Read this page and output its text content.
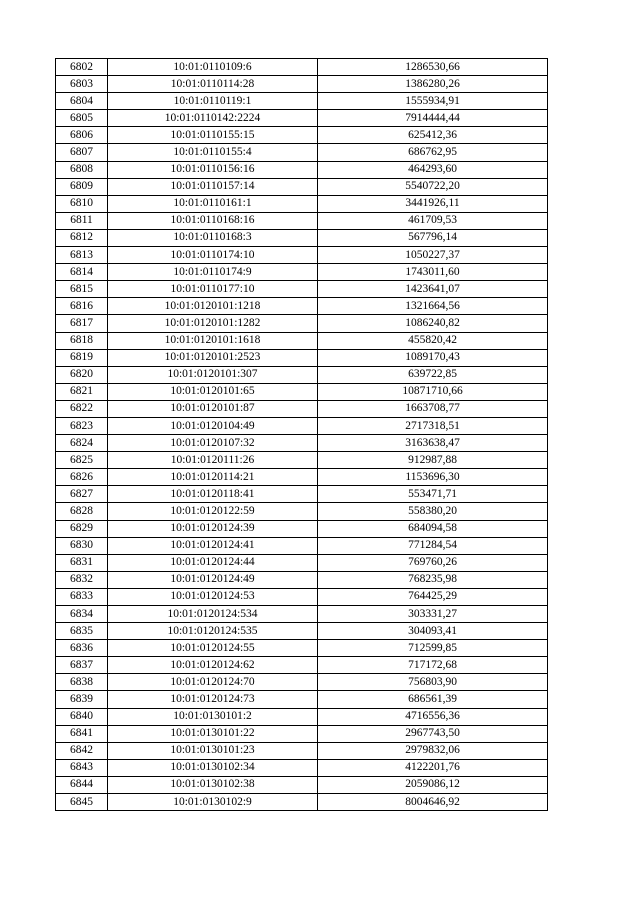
6802	10:01:0110109:6	1286530,66
6803	10:01:0110114:28	1386280,26
6804	10:01:0110119:1	1555934,91
6805	10:01:0110142:2224	7914444,44
6806	10:01:0110155:15	625412,36
6807	10:01:0110155:4	686762,95
6808	10:01:0110156:16	464293,60
6809	10:01:0110157:14	5540722,20
6810	10:01:0110161:1	3441926,11
6811	10:01:0110168:16	461709,53
6812	10:01:0110168:3	567796,14
6813	10:01:0110174:10	1050227,37
6814	10:01:0110174:9	1743011,60
6815	10:01:0110177:10	1423641,07
6816	10:01:0120101:1218	1321664,56
6817	10:01:0120101:1282	1086240,82
6818	10:01:0120101:1618	455820,42
6819	10:01:0120101:2523	1089170,43
6820	10:01:0120101:307	639722,85
6821	10:01:0120101:65	10871710,66
6822	10:01:0120101:87	1663708,77
6823	10:01:0120104:49	2717318,51
6824	10:01:0120107:32	3163638,47
6825	10:01:0120111:26	912987,88
6826	10:01:0120114:21	1153696,30
6827	10:01:0120118:41	553471,71
6828	10:01:0120122:59	558380,20
6829	10:01:0120124:39	684094,58
6830	10:01:0120124:41	771284,54
6831	10:01:0120124:44	769760,26
6832	10:01:0120124:49	768235,98
6833	10:01:0120124:53	764425,29
6834	10:01:0120124:534	303331,27
6835	10:01:0120124:535	304093,41
6836	10:01:0120124:55	712599,85
6837	10:01:0120124:62	717172,68
6838	10:01:0120124:70	756803,90
6839	10:01:0120124:73	686561,39
6840	10:01:0130101:2	4716556,36
6841	10:01:0130101:22	2967743,50
6842	10:01:0130101:23	2979832,06
6843	10:01:0130102:34	4122201,76
6844	10:01:0130102:38	2059086,12
6845	10:01:0130102:9	8004646,92
